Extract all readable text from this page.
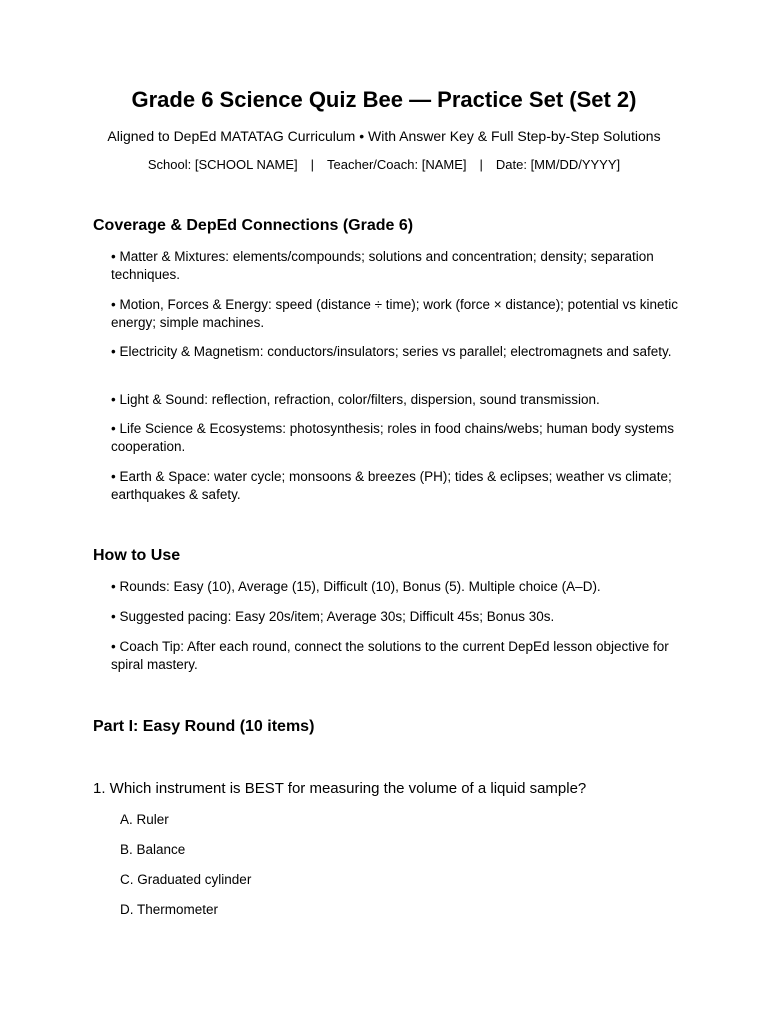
Grade 6 Science Quiz Bee — Practice Set (Set 2)
Aligned to DepEd MATATAG Curriculum • With Answer Key & Full Step-by-Step Solutions
School: [SCHOOL NAME] | Teacher/Coach: [NAME] | Date: [MM/DD/YYYY]
Coverage & DepEd Connections (Grade 6)
• Matter & Mixtures: elements/compounds; solutions and concentration; density; separation techniques.
• Motion, Forces & Energy: speed (distance ÷ time); work (force × distance); potential vs kinetic energy; simple machines.
• Electricity & Magnetism: conductors/insulators; series vs parallel; electromagnets and safety.
• Light & Sound: reflection, refraction, color/filters, dispersion, sound transmission.
• Life Science & Ecosystems: photosynthesis; roles in food chains/webs; human body systems cooperation.
• Earth & Space: water cycle; monsoons & breezes (PH); tides & eclipses; weather vs climate; earthquakes & safety.
How to Use
• Rounds: Easy (10), Average (15), Difficult (10), Bonus (5). Multiple choice (A–D).
• Suggested pacing: Easy 20s/item; Average 30s; Difficult 45s; Bonus 30s.
• Coach Tip: After each round, connect the solutions to the current DepEd lesson objective for spiral mastery.
Part I: Easy Round (10 items)
1. Which instrument is BEST for measuring the volume of a liquid sample?
A. Ruler
B. Balance
C. Graduated cylinder
D. Thermometer
